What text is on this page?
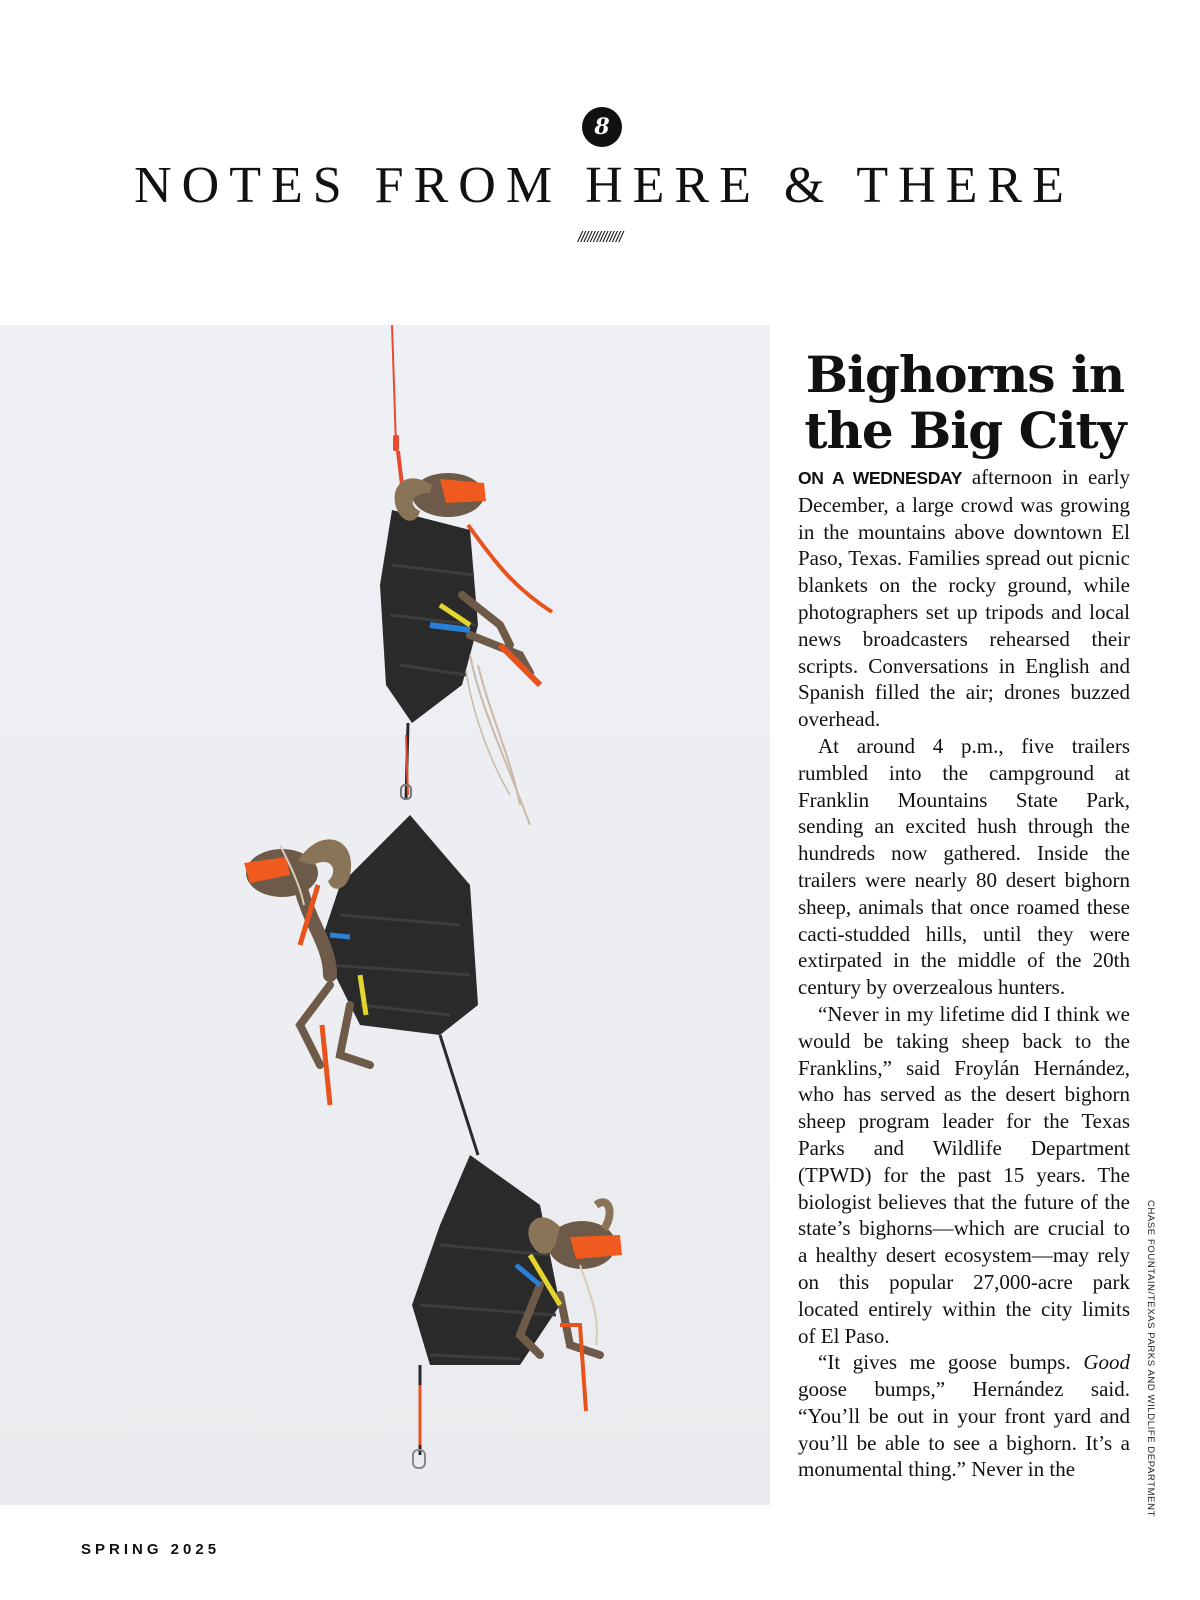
8
NOTES FROM HERE & THERE
//////////////
Bighorns in the Big City

ON A WEDNESDAY afternoon in early December, a large crowd was growing in the mountains above downtown El Paso, Texas. Families spread out picnic blankets on the rocky ground, while photographers set up tripods and local news broadcasters rehearsed their scripts. Conversations in English and Spanish filled the air; drones buzzed overhead.

At around 4 p.m., five trailers rumbled into the campground at Franklin Mountains State Park, sending an excited hush through the hundreds now gathered. Inside the trailers were nearly 80 desert bighorn sheep, animals that once roamed these cacti-studded hills, until they were extirpated in the middle of the 20th century by overzealous hunters.

“Never in my lifetime did I think we would be taking sheep back to the Franklins,” said Froylán Hernández, who has served as the desert bighorn sheep program leader for the Texas Parks and Wildlife Department (TPWD) for the past 15 years. The biologist believes that the future of the state’s bighorns—which are crucial to a healthy desert ecosystem—may rely on this popular 27,000-acre park located entirely within the city limits of El Paso.

“It gives me goose bumps. Good goose bumps,” Hernández said. “You’ll be out in your front yard and you’ll be able to see a bighorn. It’s a monumental thing.” Never in the	CHASE FOUNTAIN/TEXAS PARKS AND WILDLIFE DEPARTMENT
SPRING 2025
